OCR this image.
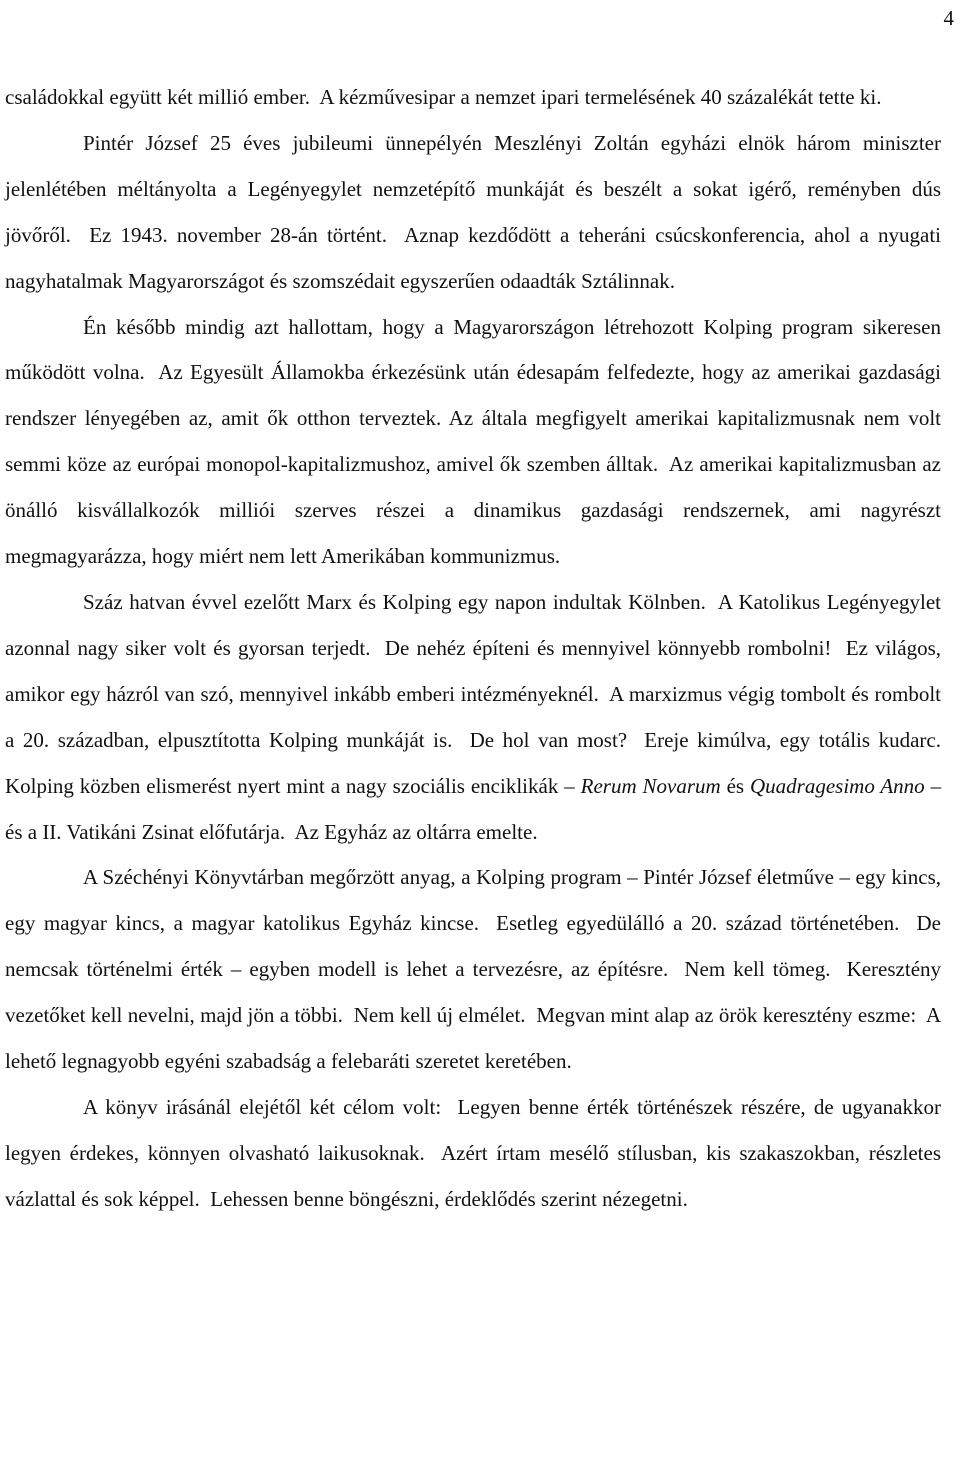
4

családokkal együtt két millió ember. A kézművesipar a nemzet ipari termelésének 40 százalékát tette ki.

Pintér József 25 éves jubileumi ünnepélyén Meszlényi Zoltán egyházi elnök három miniszter jelenlétében méltányolta a Legényegylet nemzetépítő munkáját és beszélt a sokat igérő, reményben dús jövőről. Ez 1943. november 28-án történt. Aznap kezdődött a teheráni csúcskonferencia, ahol a nyugati nagyhatalmak Magyarországot és szomszédait egyszerűen odaadták Sztálinnak.

Én később mindig azt hallottam, hogy a Magyarországon létrehozott Kolping program sikeresen működött volna. Az Egyesült Államokba érkezésünk után édesapám felfedezte, hogy az amerikai gazdasági rendszer lényegében az, amit ők otthon terveztek. Az általa megfigyelt amerikai kapitalizmusnak nem volt semmi köze az európai monopol-kapitalizmushoz, amivel ők szemben álltak. Az amerikai kapitalizmusban az önálló kisvállalkozók milliói szerves részei a dinamikus gazdasági rendszernek, ami nagyrészt megmagyarázza, hogy miért nem lett Amerikában kommunizmus.

Száz hatvan évvel ezelőtt Marx és Kolping egy napon indultak Kölnben. A Katolikus Legényegylet azonnal nagy siker volt és gyorsan terjedt. De nehéz építeni és mennyivel könnyebb rombolni! Ez világos, amikor egy házról van szó, mennyivel inkább emberi intézményeknél. A marxizmus végig tombolt és rombolt a 20. században, elpusztította Kolping munkáját is. De hol van most? Ereje kimúlva, egy totális kudarc. Kolping közben elismerést nyert mint a nagy szociális enciklikák – Rerum Novarum és Quadragesimo Anno – és a II. Vatikáni Zsinat előfutárja. Az Egyház az oltárra emelte.

A Széchényi Könyvtárban megőrzött anyag, a Kolping program – Pintér József életműve – egy kincs, egy magyar kincs, a magyar katolikus Egyház kincse. Esetleg egyedülálló a 20. század történetében. De nemcsak történelmi érték – egyben modell is lehet a tervezésre, az építésre. Nem kell tömeg. Keresztény vezetőket kell nevelni, majd jön a többi. Nem kell új elmélet. Megvan mint alap az örök keresztény eszme: A lehető legnagyobb egyéni szabadság a felebaráti szeretet keretében.

A könyv irásánál elejétől két célom volt: Legyen benne érték történészek részére, de ugyanakkor legyen érdekes, könnyen olvasható laikusoknak. Azért írtam mesélő stílusban, kis szakaszokban, részletes vázlattal és sok képpel. Lehessen benne böngészni, érdeklődés szerint nézegetni.
